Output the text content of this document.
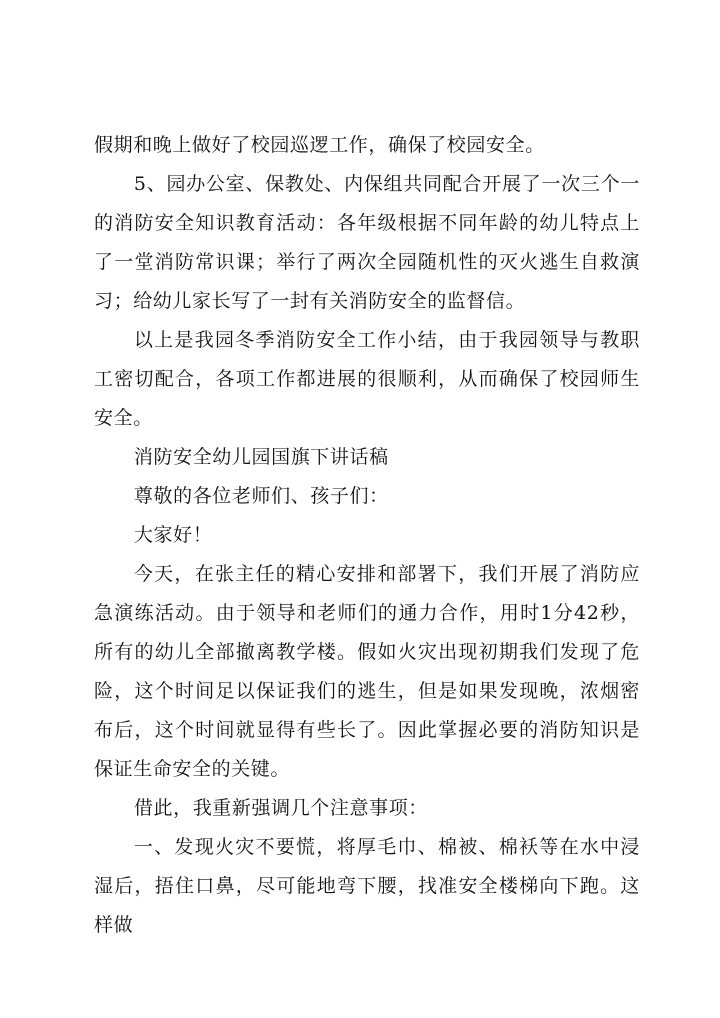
假期和晚上做好了校园巡逻工作，确保了校园安全。

5、园办公室、保教处、内保组共同配合开展了一次三个一的消防安全知识教育活动：各年级根据不同年龄的幼儿特点上了一堂消防常识课；举行了两次全园随机性的灭火逃生自救演习；给幼儿家长写了一封有关消防安全的监督信。

以上是我园冬季消防安全工作小结，由于我园领导与教职工密切配合，各项工作都进展的很顺利，从而确保了校园师生安全。

消防安全幼儿园国旗下讲话稿

尊敬的各位老师们、孩子们：

大家好！

今天，在张主任的精心安排和部署下，我们开展了消防应急演练活动。由于领导和老师们的通力合作，用时1分42秒，所有的幼儿全部撤离教学楼。假如火灾出现初期我们发现了危险，这个时间足以保证我们的逃生，但是如果发现晚，浓烟密布后，这个时间就显得有些长了。因此掌握必要的消防知识是保证生命安全的关键。

借此，我重新强调几个注意事项：

一、发现火灾不要慌，将厚毛巾、棉被、棉袄等在水中浸湿后，捂住口鼻，尽可能地弯下腰，找准安全楼梯向下跑。这样做
